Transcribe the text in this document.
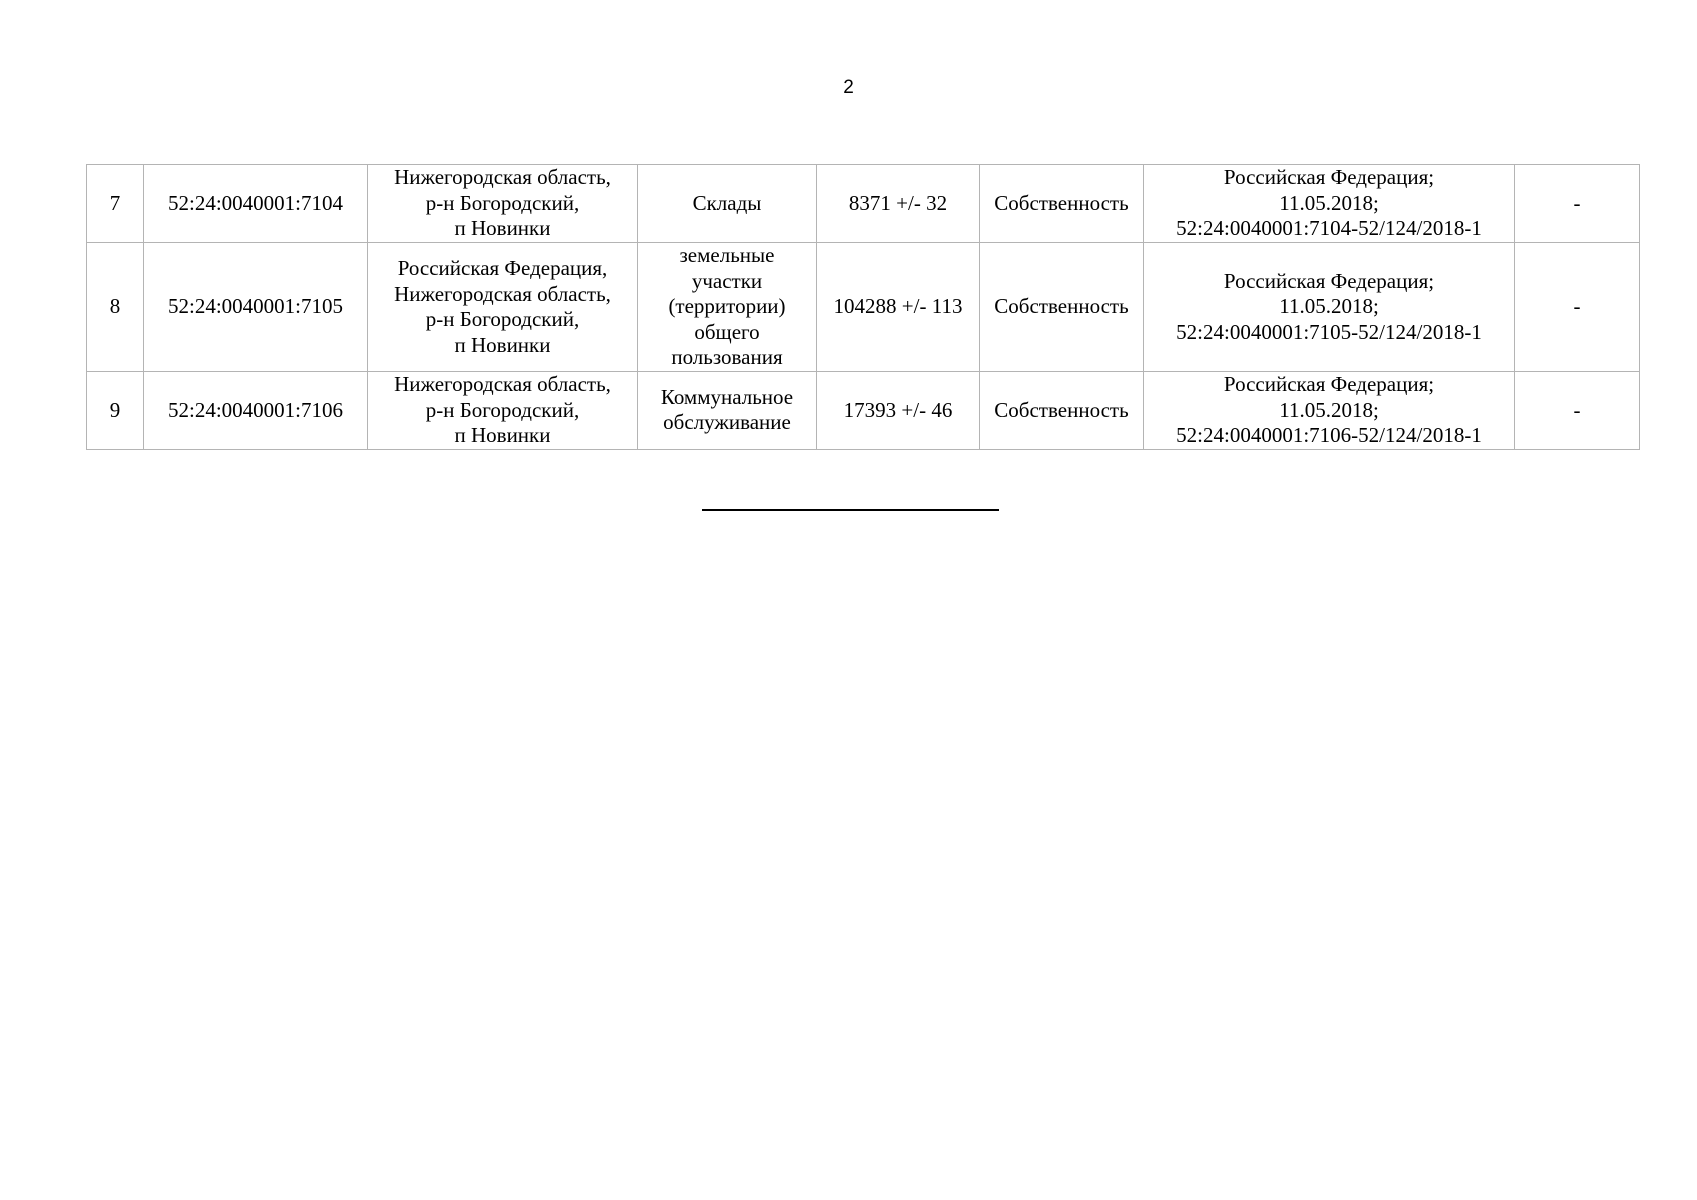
2
7	52:24:0040001:7104	Нижегородская область,
р-н Богородский,
п Новинки	Склады	8371 +/- 32	Собственность	Российская Федерация;
11.05.2018;
52:24:0040001:7104-52/124/2018-1	-
8	52:24:0040001:7105	Российская Федерация,
Нижегородская область,
р-н Богородский,
п Новинки	земельные
участки
(территории)
общего
пользования	104288 +/- 113	Собственность	Российская Федерация;
11.05.2018;
52:24:0040001:7105-52/124/2018-1	-
9	52:24:0040001:7106	Нижегородская область,
р-н Богородский,
п Новинки	Коммунальное
обслуживание	17393 +/- 46	Собственность	Российская Федерация;
11.05.2018;
52:24:0040001:7106-52/124/2018-1	-
